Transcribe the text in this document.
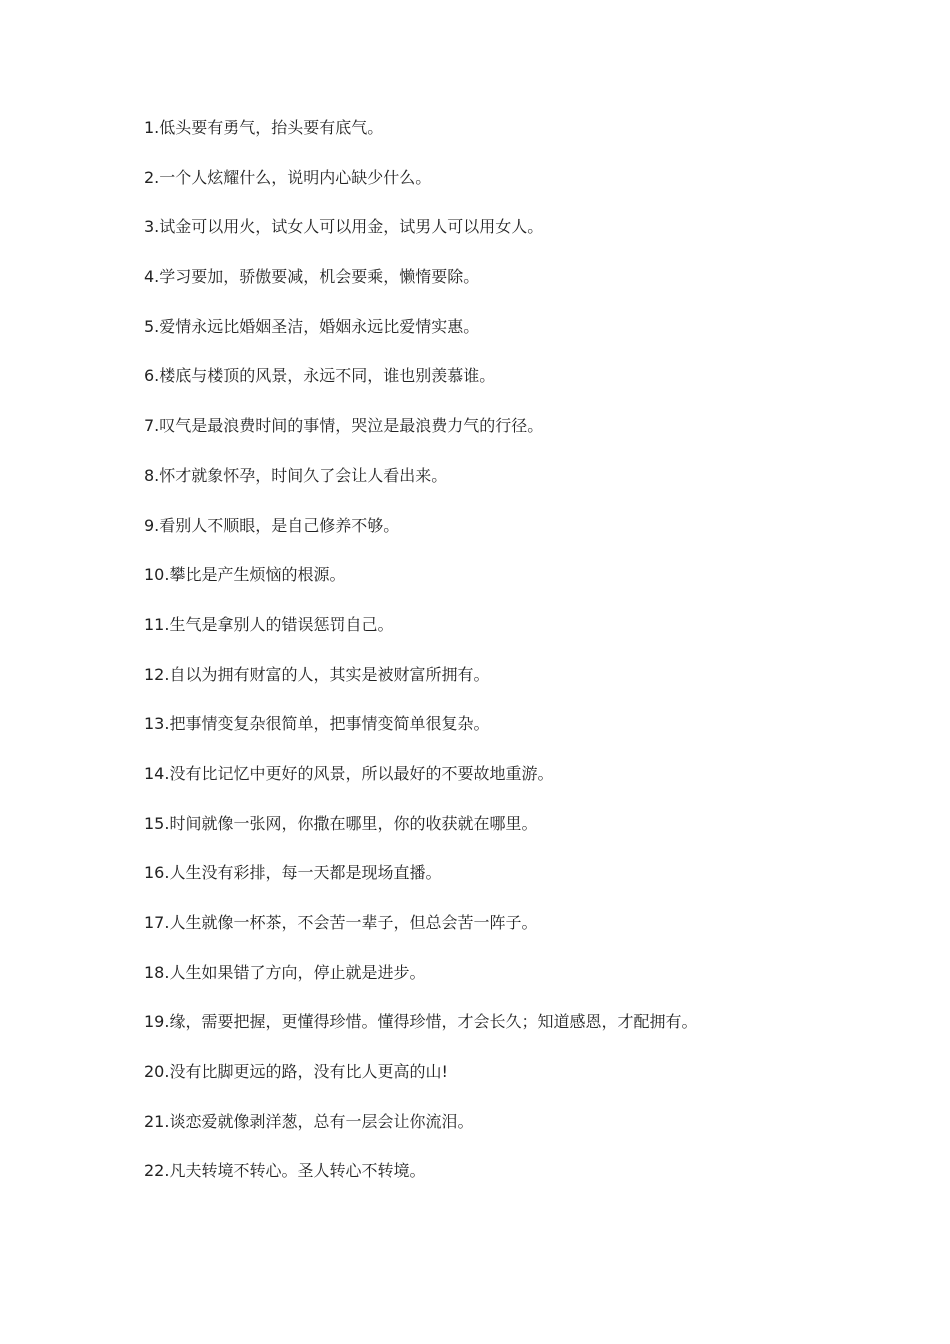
1.低头要有勇气，抬头要有底气。
2.一个人炫耀什么，说明内心缺少什么。
3.试金可以用火，试女人可以用金，试男人可以用女人。
4.学习要加，骄傲要减，机会要乘，懒惰要除。
5.爱情永远比婚姻圣洁，婚姻永远比爱情实惠。
6.楼底与楼顶的风景，永远不同，谁也别羡慕谁。
7.叹气是最浪费时间的事情，哭泣是最浪费力气的行径。
8.怀才就象怀孕，时间久了会让人看出来。
9.看别人不顺眼，是自己修养不够。
10.攀比是产生烦恼的根源。
11.生气是拿别人的错误惩罚自己。
12.自以为拥有财富的人，其实是被财富所拥有。
13.把事情变复杂很简单，把事情变简单很复杂。
14.没有比记忆中更好的风景，所以最好的不要故地重游。
15.时间就像一张网，你撒在哪里，你的收获就在哪里。
16.人生没有彩排，每一天都是现场直播。
17.人生就像一杯茶，不会苦一辈子，但总会苦一阵子。
18.人生如果错了方向，停止就是进步。
19.缘，需要把握，更懂得珍惜。懂得珍惜，才会长久；知道感恩，才配拥有。
20.没有比脚更远的路，没有比人更高的山!
21.谈恋爱就像剥洋葱，总有一层会让你流泪。
22.凡夫转境不转心。圣人转心不转境。
